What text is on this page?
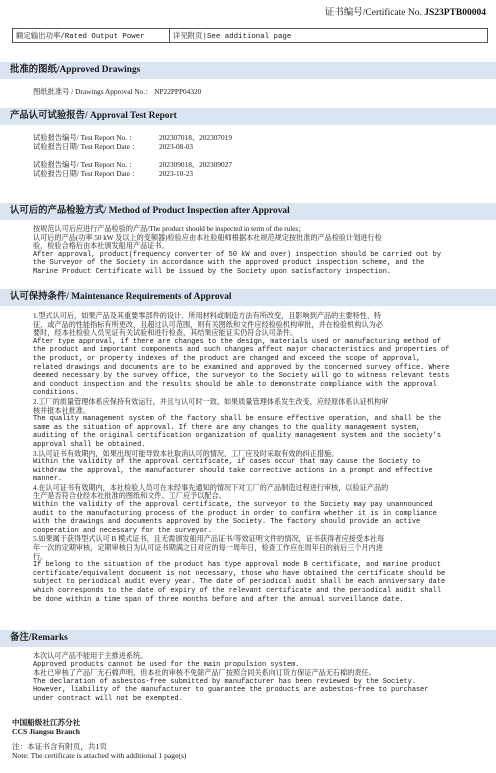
证书编号/Certificate No. JS23PTB00004
额定输出功率/Rated Output Power	详见附页|See additional page
批准的图纸/Approved Drawings
图纸批准号 / Drawings Approval No.： NP22PPP04320
产品认可试验报告/ Approval Test Report
试验报告编号/ Test Report No. ：	202307018、202307019
试验报告日期/ Test Report Date ：	2023-08-03
试验报告编号/ Test Report No. ：	202309018、202309027
试验报告日期/ Test Report Date ：	2023-10-23
认可后的产品检验方式/ Method of Product Inspection after Approval

按规范认可后应进行产品检验的产品/The product should be inspected in term of the rules；

认可后的产品(功率 50 kW 及以上的变频器)检验应由本社验船师根据本社规范规定按批准的产品检验计划进行检

验，检验合格后由本社颁发船用产品证书。

After approval, product(frequency converter of 50 kW and over) inspection should be carried out by

the Surveyor of the Society in accordance with the approved product inspection scheme, and the

Marine Product Certificate will be issued by the Society upon satisfactory inspection.

认可保持条件/ Maintenance Requirements of Approval

1.型式认可后，如果产品及其重要零部件的设计、所用材料或制造方法有所改变，且影响到产品的主要特性、特

征，或产品的性能指标有所更改，且超过认可范围，则有关图纸和文件应经检验机构审批，并在检验机构认为必

要时，经本社检验人员见证有关试验和进行检查，其结果应能证实仍符合认可条件。

After type approval, if there are changes to the design, materials used or manufacturing method of

the product and important components and such changes affect major characteristics and properties of

the product, or property indexes of the product are changed and exceed the scope of approval,

related drawings and documents are to be examined and approved by the concerned survey office. Where

deemed necessary by the survey office, the surveyor to the Society will go to witness relevant tests

and conduct inspection and the results should be able to demonstrate compliance with the approval

conditions.

2.工厂的质量管理体系应保持有效运行，并且与认可时一致。如果质量管理体系发生改变，应经原体系认证机构审

核并报本社批准。

The quality management system of the factory shall be ensure effective operation, and shall be the

same as the situation of approval. If there are any changes to the quality management system,

auditing of the original certification organization of quality management system and the society's

approval shall be obtained.

3.认可证书有效期内，如果出现可能导致本社取消认可的情况，工厂应及时采取有效的纠正措施。

Within the validity of the approval certificate, if cases occur that may cause the Society to

withdraw the approval, the manufacturer should take corrective actions in a prompt and effective

manner.

4.在认可证书有效期内，本社检验人员可在未经事先通知的情况下对工厂的产品制造过程进行审核，以验证产品的

生产是否符合业经本社批准的图纸和文件。工厂应予以配合。

Within the validity of the approval certificate, the surveyor to the Society may pay unannounced

audit to the manufacturing process of the product in order to confirm whether it is in compliance

with the drawings and documents approved by the Society. The factory should provide an active

cooperation and necessary for the surveyor.

5.如果属于获得型式认可 B 模式证书，且无需颁发船用产品证书/等效证明文件的情况，证书获得者应接受本社每

年一次的定期审核，定期审核日为认可证书期满之日对应的每一周年日，检查工作应在周年日的前后三个月内进

行。

If belong to the situation of the product has type approval mode B certificate, and marine product

certificate/equivalent document is not necessary, those who have obtained the certificate should be

subject to periodical audit every year. The date of periodical audit shall be each anniversary date

which corresponds to the date of expiry of the relevant certificate and the periodical audit shall

be done within a time span of three months before and after the annual surveillance date.

备注/Remarks

本次认可产品不能用于主推进系统。

Approved products cannot be used for the main propulsion system.

本社已审核了产品厂无石棉声明，但本社的审核不免除产品厂按照合同关系向订货方保证产品无石棉的责任。

The declaration of asbestos-free submitted by manufacturer has been reviewed by the Society.

However, liability of the manufacturer to guarantee the products are asbestos-free to purchaser

under contract will not be exempted.

中国船级社江苏分社
CCS Jiangsu Branch
注：本证书含有附页，共1页
Note: The certificate is attached with additional 1 page(s)
